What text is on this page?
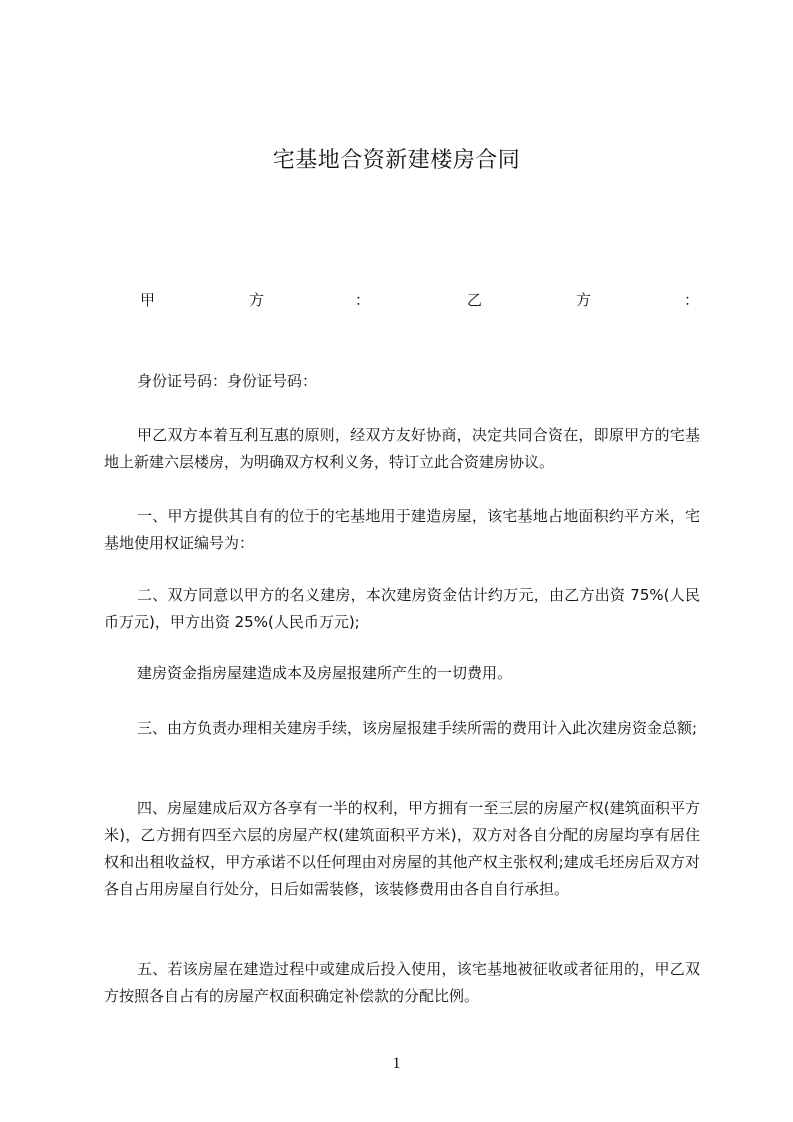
宅基地合资新建楼房合同
甲	方	：	乙	方	：
身份证号码：身份证号码：
甲乙双方本着互利互惠的原则，经双方友好协商，决定共同合资在，即原甲方的宅基地上新建六层楼房，为明确双方权利义务，特订立此合资建房协议。
一、甲方提供其自有的位于的宅基地用于建造房屋，该宅基地占地面积约平方米，宅基地使用权证编号为：
二、双方同意以甲方的名义建房，本次建房资金估计约万元，由乙方出资 75%(人民币万元)，甲方出资 25%(人民币万元);
建房资金指房屋建造成本及房屋报建所产生的一切费用。
三、由方负责办理相关建房手续，该房屋报建手续所需的费用计入此次建房资金总额;
四、房屋建成后双方各享有一半的权利，甲方拥有一至三层的房屋产权(建筑面积平方米)，乙方拥有四至六层的房屋产权(建筑面积平方米)，双方对各自分配的房屋均享有居住权和出租收益权，甲方承诺不以任何理由对房屋的其他产权主张权利;建成毛坯房后双方对各自占用房屋自行处分，日后如需装修，该装修费用由各自自行承担。
五、若该房屋在建造过程中或建成后投入使用，该宅基地被征收或者征用的，甲乙双方按照各自占有的房屋产权面积确定补偿款的分配比例。
1
